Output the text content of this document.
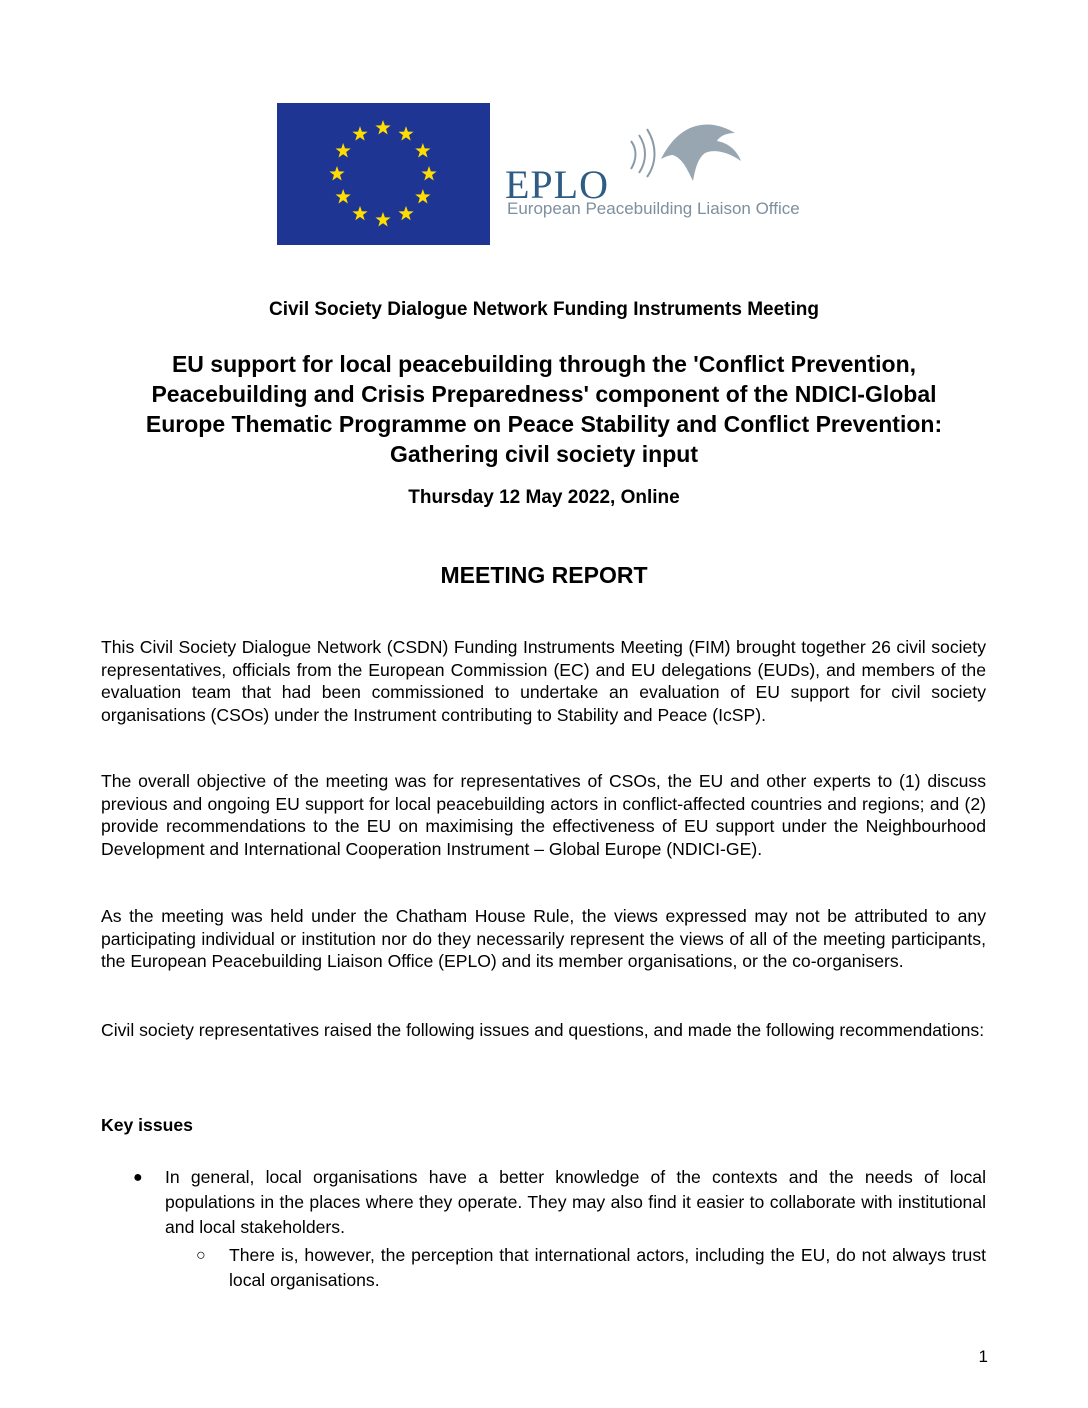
EPLO
European Peacebuilding Liaison Office
Civil Society Dialogue Network Funding Instruments Meeting
EU support for local peacebuilding through the 'Conflict Prevention,
Peacebuilding and Crisis Preparedness' component of the NDICI-Global
Europe Thematic Programme on Peace Stability and Conflict Prevention:
Gathering civil society input
Thursday 12 May 2022, Online
MEETING REPORT
This Civil Society Dialogue Network (CSDN) Funding Instruments Meeting (FIM) brought together 26 civil society representatives, officials from the European Commission (EC) and EU delegations (EUDs), and members of the evaluation team that had been commissioned to undertake an evaluation of EU support for civil society organisations (CSOs) under the Instrument contributing to Stability and Peace (IcSP).
The overall objective of the meeting was for representatives of CSOs, the EU and other experts to (1) discuss previous and ongoing EU support for local peacebuilding actors in conflict-affected countries and regions; and (2) provide recommendations to the EU on maximising the effectiveness of EU support under the Neighbourhood Development and International Cooperation Instrument – Global Europe (NDICI-GE).
As the meeting was held under the Chatham House Rule, the views expressed may not be attributed to any participating individual or institution nor do they necessarily represent the views of all of the meeting participants, the European Peacebuilding Liaison Office (EPLO) and its member organisations, or the co-organisers.
Civil society representatives raised the following issues and questions, and made the following recommendations:
Key issues
● In general, local organisations have a better knowledge of the contexts and the needs of local populations in the places where they operate. They may also find it easier to collaborate with institutional and local stakeholders.
○ There is, however, the perception that international actors, including the EU, do not always trust local organisations.
1
